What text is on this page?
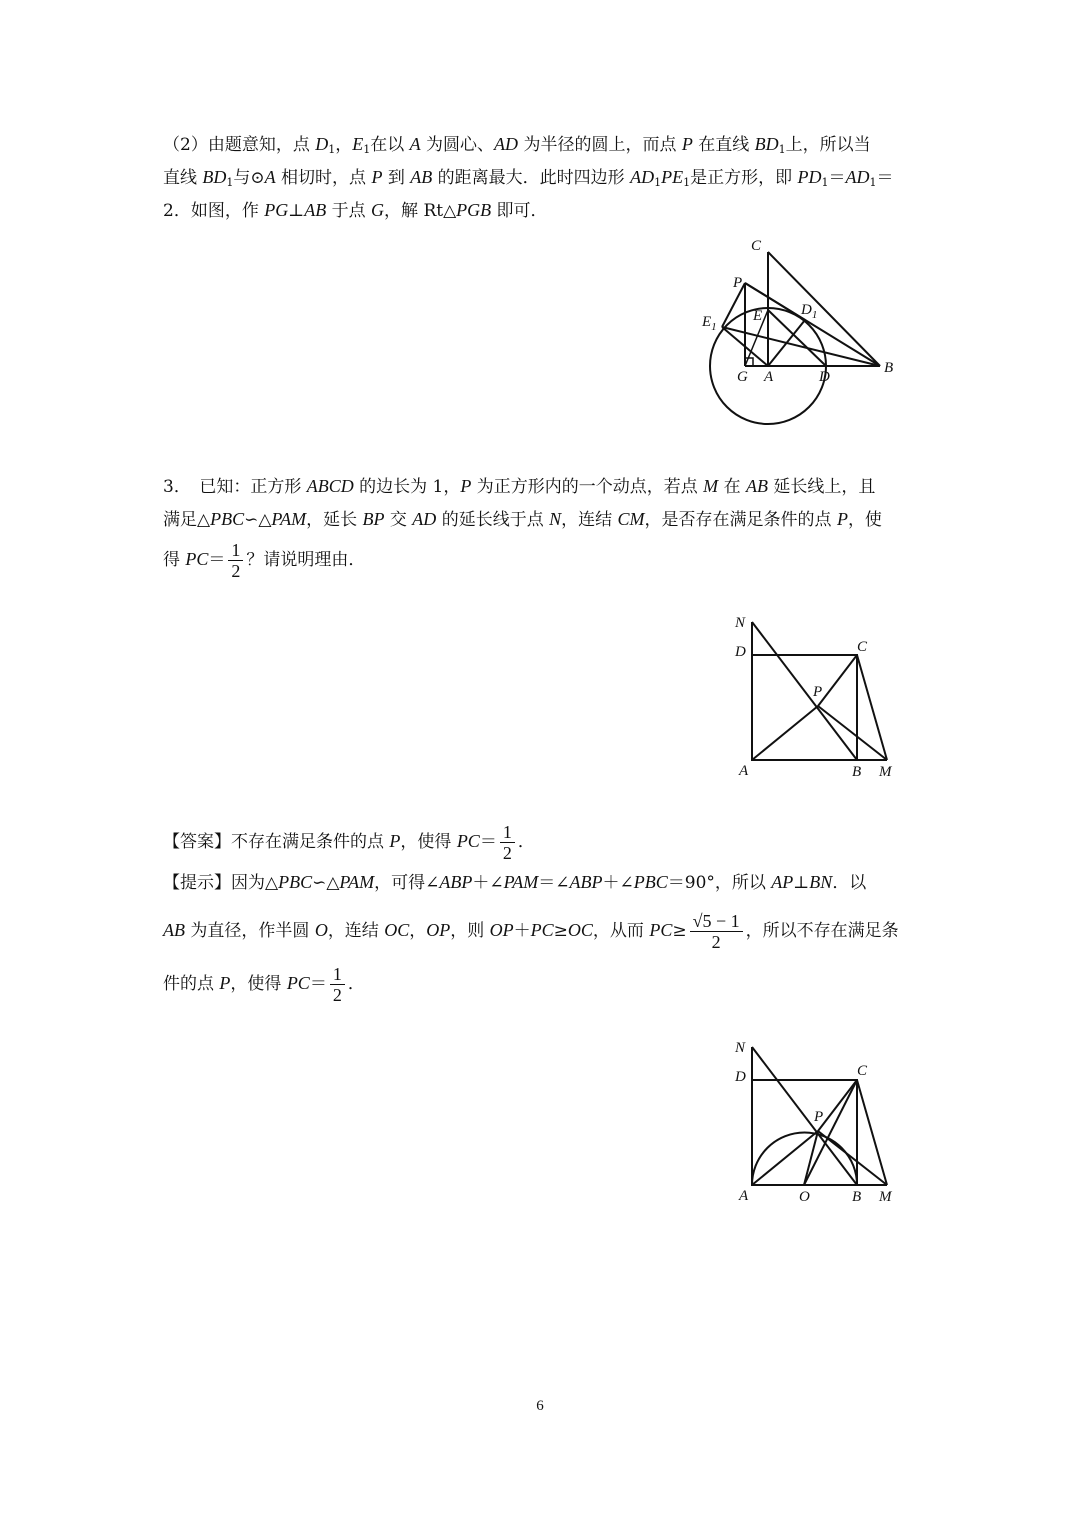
（2）由题意知，点 $D_1$，$E_1$在以 A 为圆心、AD 为半径的圆上，而点 P 在直线 $BD_1$上，所以当
直线 $BD_1$与⊙A 相切时，点 P 到 AB 的距离最大．此时四边形 $AD_1PE_1$是正方形，即 $PD_1=AD_1=$
2．如图，作 PG⊥AB 于点 G，解 Rt△PGB 即可．
C
P
$E_1$
E	$D_1$
G A	D
B
3．　已知：正方形 ABCD 的边长为 1，P 为正方形内的一个动点，若点 M 在 AB 延长线上，且
满足△PBC∽△PAM，延长 BP 交 AD 的延长线于点 N，连结 CM，是否存在满足条件的点 P，使
得 $PC= \frac{1}{2}$ ？请说明理由．
N
D	C
P
A	B M
【答案】不存在满足条件的点 P，使得 $PC= \frac{1}{2}$ ．
【提示】因为△PBC∽△PAM，可得∠ABP＋∠PAM＝∠ABP＋∠PBC＝90°，所以 AP⊥BN．以
AB 为直径，作半圆 O，连结 OC，OP，则 OP＋PC≥OC，从而 $PC\ge \frac{√5 - 1}{2}$ ，所以不存在满足条
件的点 P，使得 $PC= \frac{1}{2}$ ．
N
D	C
P
A	O	B M
6
